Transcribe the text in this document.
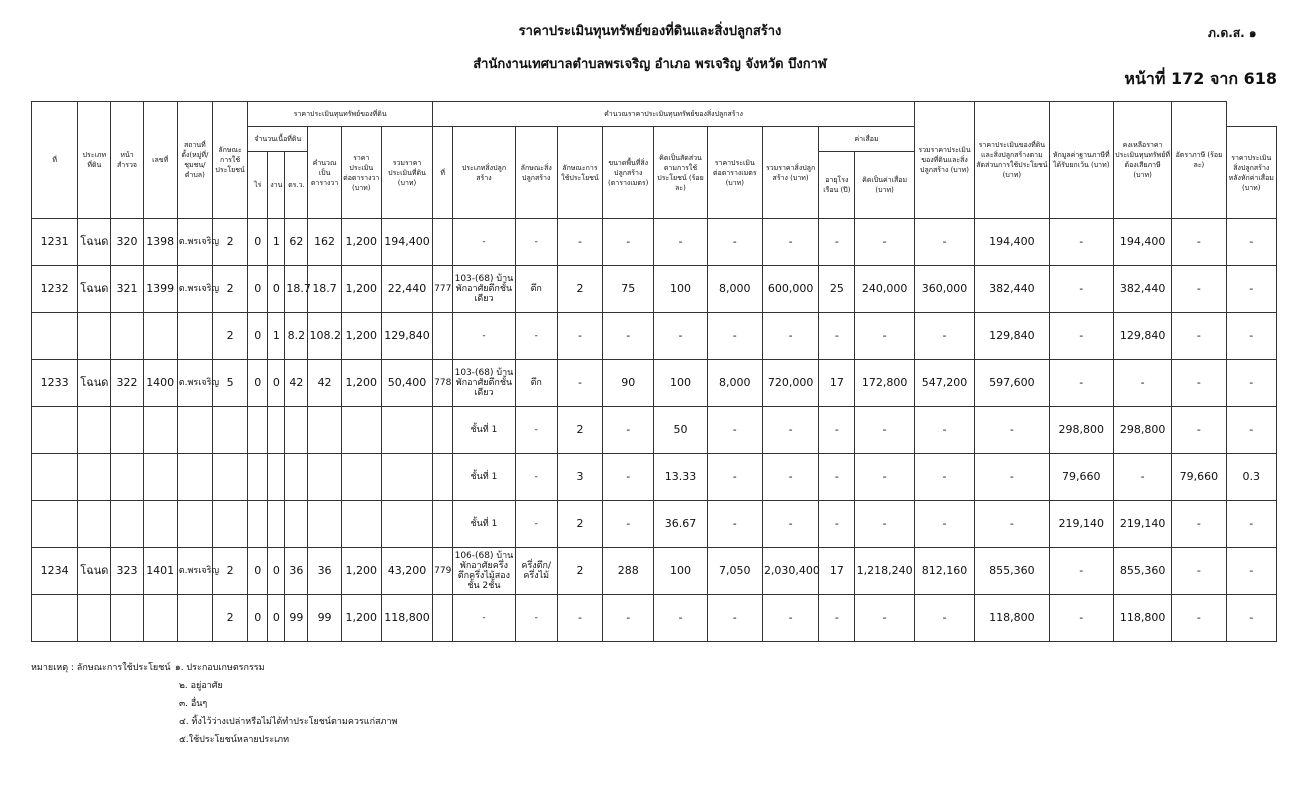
ราคาประเมินทุนทรัพย์ของที่ดินและสิ่งปลูกสร้าง
สำนักงานเทศบาลตำบลพรเจริญ อำเภอ พรเจริญ จังหวัด บึงกาฬ
ภ.ด.ส. ๑
หน้าที่ 172 จาก 618
ที่	ประเภทที่ดิน	หน้าสำรวจ	เลขที่	สถานที่ตั้ง(หมู่ที่/ชุมชน/ตำบล)	ลักษณะการใช้ประโยชน์	ราคาประเมินทุนทรัพย์ของที่ดิน						คำนวณราคาประเมินทุนทรัพย์ของสิ่งปลูกสร้าง										รวมราคาประเมินของที่ดินและสิ่งปลูกสร้าง (บาท)	ราคาประเมินของที่ดินและสิ่งปลูกสร้างตามสัดส่วนการใช้ประโยชน์ (บาท)	หักมูลค่าฐานภาษีที่ได้รับยกเว้น (บาท)	คงเหลือราคาประเมินทุนทรัพย์ที่ต้องเสียภาษี (บาท)	อัตราภาษี (ร้อยละ)	
						จำนวนเนื้อที่ดิน			คำนวณเป็นตารางวา	ราคาประเมินต่อตารางวา (บาท)	รวมราคาประเมินที่ดิน (บาท)	ที่	ประเภทสิ่งปลูกสร้าง	ลักษณะสิ่งปลูกสร้าง	ลักษณะการใช้ประโยชน์	ขนาดพื้นที่สิ่งปลูกสร้าง (ตารางเมตร)	คิดเป็นสัดส่วนตามการใช้ประโยชน์ (ร้อยละ)	ราคาประเมินต่อตารางเมตร (บาท)	รวมราคาสิ่งปลูกสร้าง (บาท)	ค่าเสื่อม							ราคาประเมินสิ่งปลูกสร้างหลังหักค่าเสื่อม (บาท)
						ไร่	งาน	ตร.ว.												อายุโรงเรือน (ปี)	คิดเป็นค่าเสื่อม (บาท)						
1231	โฉนด	320	1398	ต.พรเจริญ	2	0	1	62	162	1,200	194,400		-	-	-	-	-	-	-	-	-	-	194,400	-	194,400	-	-
1232	โฉนด	321	1399	ต.พรเจริญ	2	0	0	18.7	18.7	1,200	22,440	777	103-(68) บ้านพักอาศัยตึกชั้นเดียว	ตึก	2	75	100	8,000	600,000	25	240,000	360,000	382,440	-	382,440	-	-
					2	0	1	8.2	108.2	1,200	129,840		-	-	-	-	-	-	-	-	-	-	129,840	-	129,840	-	-
1233	โฉนด	322	1400	ต.พรเจริญ	5	0	0	42	42	1,200	50,400	778	103-(68) บ้านพักอาศัยตึกชั้นเดียว	ตึก	-	90	100	8,000	720,000	17	172,800	547,200	597,600	-	-	-	-
													ชั้นที่ 1	-	2	-	50	-	-	-	-	-	-	298,800	298,800	-	-
													ชั้นที่ 1	-	3	-	13.33	-	-	-	-	-	-	79,660	-	79,660	0.3
													ชั้นที่ 1	-	2	-	36.67	-	-	-	-	-	-	219,140	219,140	-	-
1234	โฉนด	323	1401	ต.พรเจริญ	2	0	0	36	36	1,200	43,200	779	106-(68) บ้านพักอาศัยครึ่งตึกครึ่งไม้สองชั้น 2ชั้น	ครึ่งตึก/ครึ่งไม้	2	288	100	7,050	2,030,400	17	1,218,240	812,160	855,360	-	855,360	-	-
					2	0	0	99	99	1,200	118,800		-	-	-	-	-	-	-	-	-	-	118,800	-	118,800	-	-
หมายเหตุ : ลักษณะการใช้ประโยชน์ ๑. ประกอบเกษตรกรรม
๒. อยู่อาศัย
๓. อื่นๆ
๔. ทิ้งไว้ว่างเปล่าหรือไม่ได้ทำประโยชน์ตามควรแก่สภาพ
๕.ใช้ประโยชน์หลายประเภท
